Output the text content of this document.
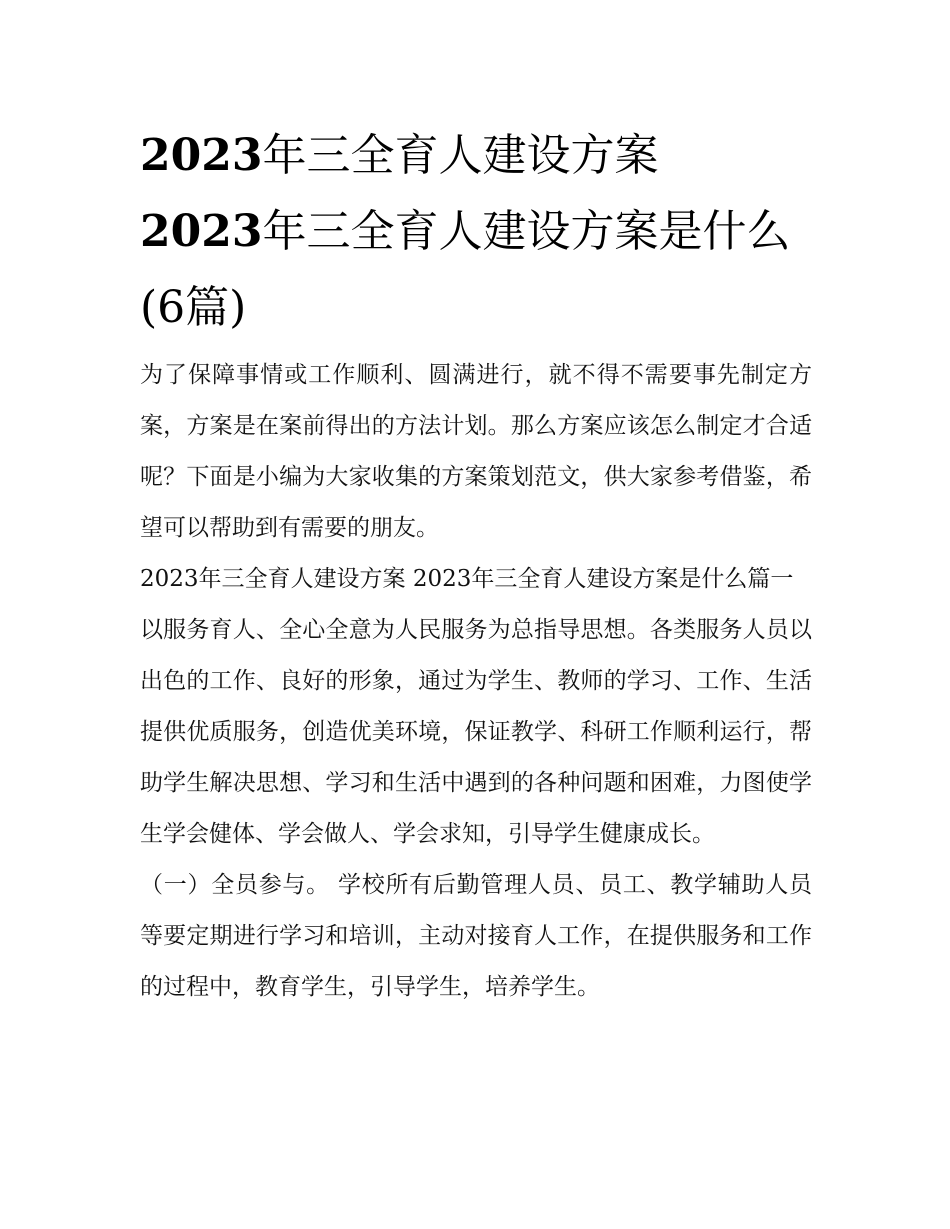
2023年三全育人建设方案
2023年三全育人建设方案是什么(6篇)

为了保障事情或工作顺利、圆满进行，就不得不需要事先制定方案，方案是在案前得出的方法计划。那么方案应该怎么制定才合适呢？下面是小编为大家收集的方案策划范文，供大家参考借鉴，希望可以帮助到有需要的朋友。

2023年三全育人建设方案 2023年三全育人建设方案是什么篇一

以服务育人、全心全意为人民服务为总指导思想。各类服务人员以出色的工作、良好的形象，通过为学生、教师的学习、工作、生活提供优质服务，创造优美环境，保证教学、科研工作顺利运行，帮助学生解决思想、学习和生活中遇到的各种问题和困难，力图使学生学会健体、学会做人、学会求知，引导学生健康成长。

（一）全员参与。 学校所有后勤管理人员、员工、教学辅助人员等要定期进行学习和培训，主动对接育人工作，在提供服务和工作的过程中，教育学生，引导学生，培养学生。
